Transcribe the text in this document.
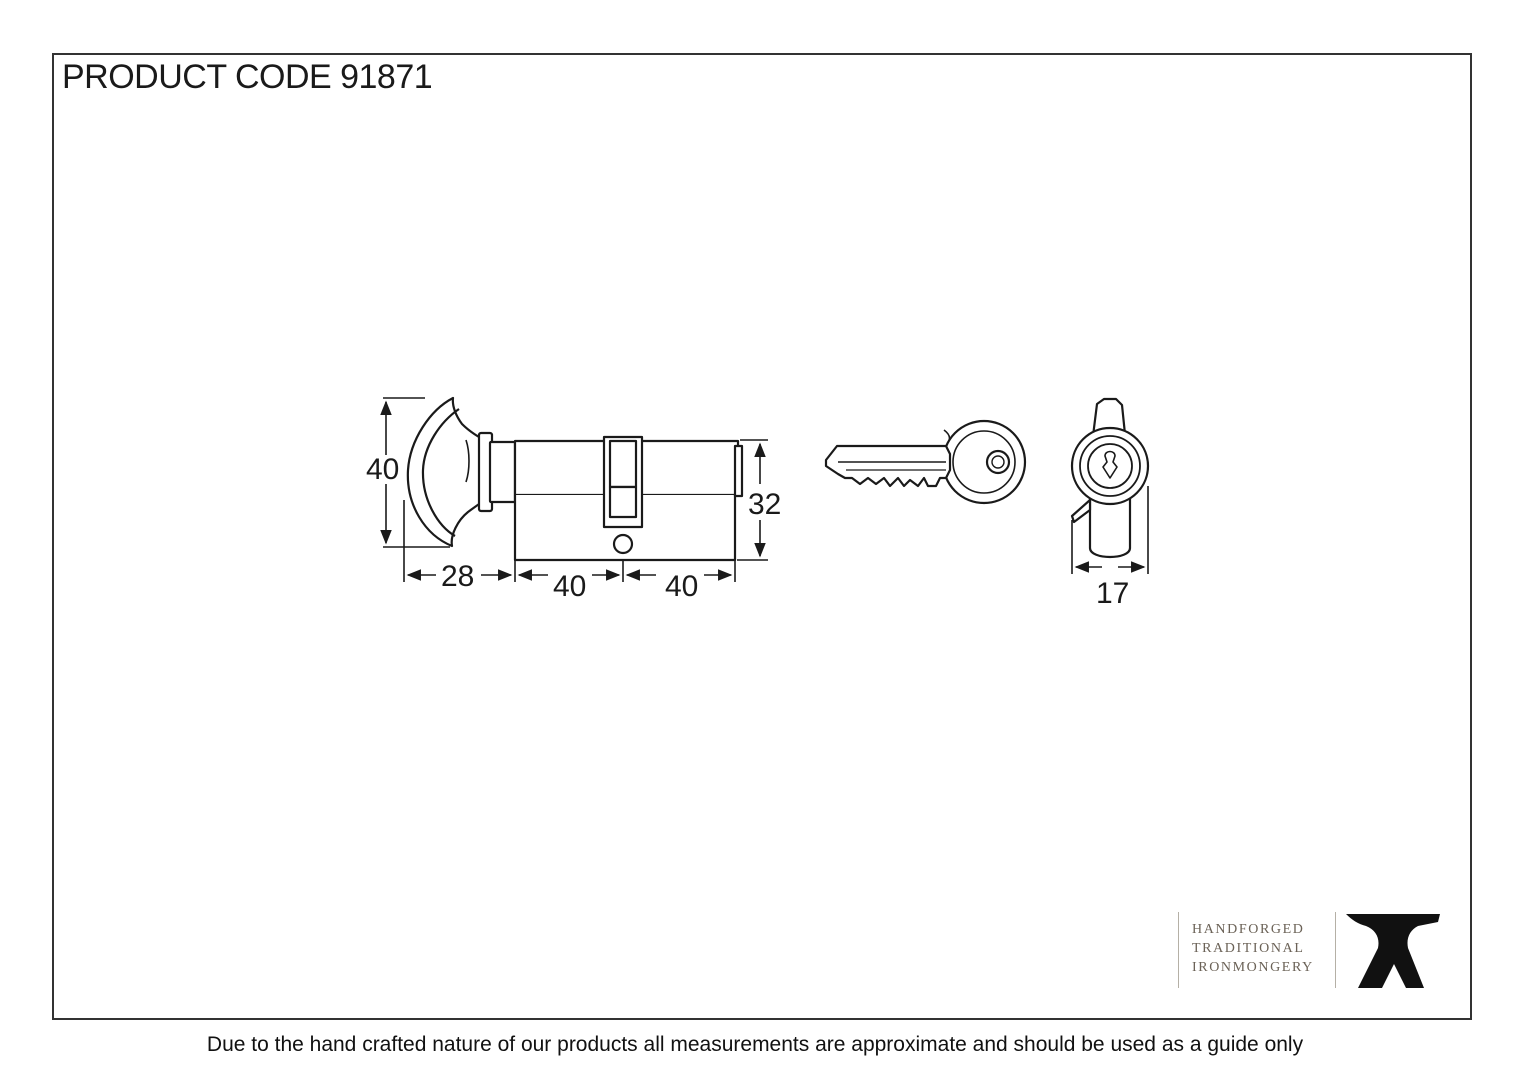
PRODUCT CODE 91871
40
28	40	40
32
17
HANDFORGED
TRADITIONAL
IRONMONGERY
Due to the hand crafted nature of our products all measurements are approximate and should be used as a guide only
